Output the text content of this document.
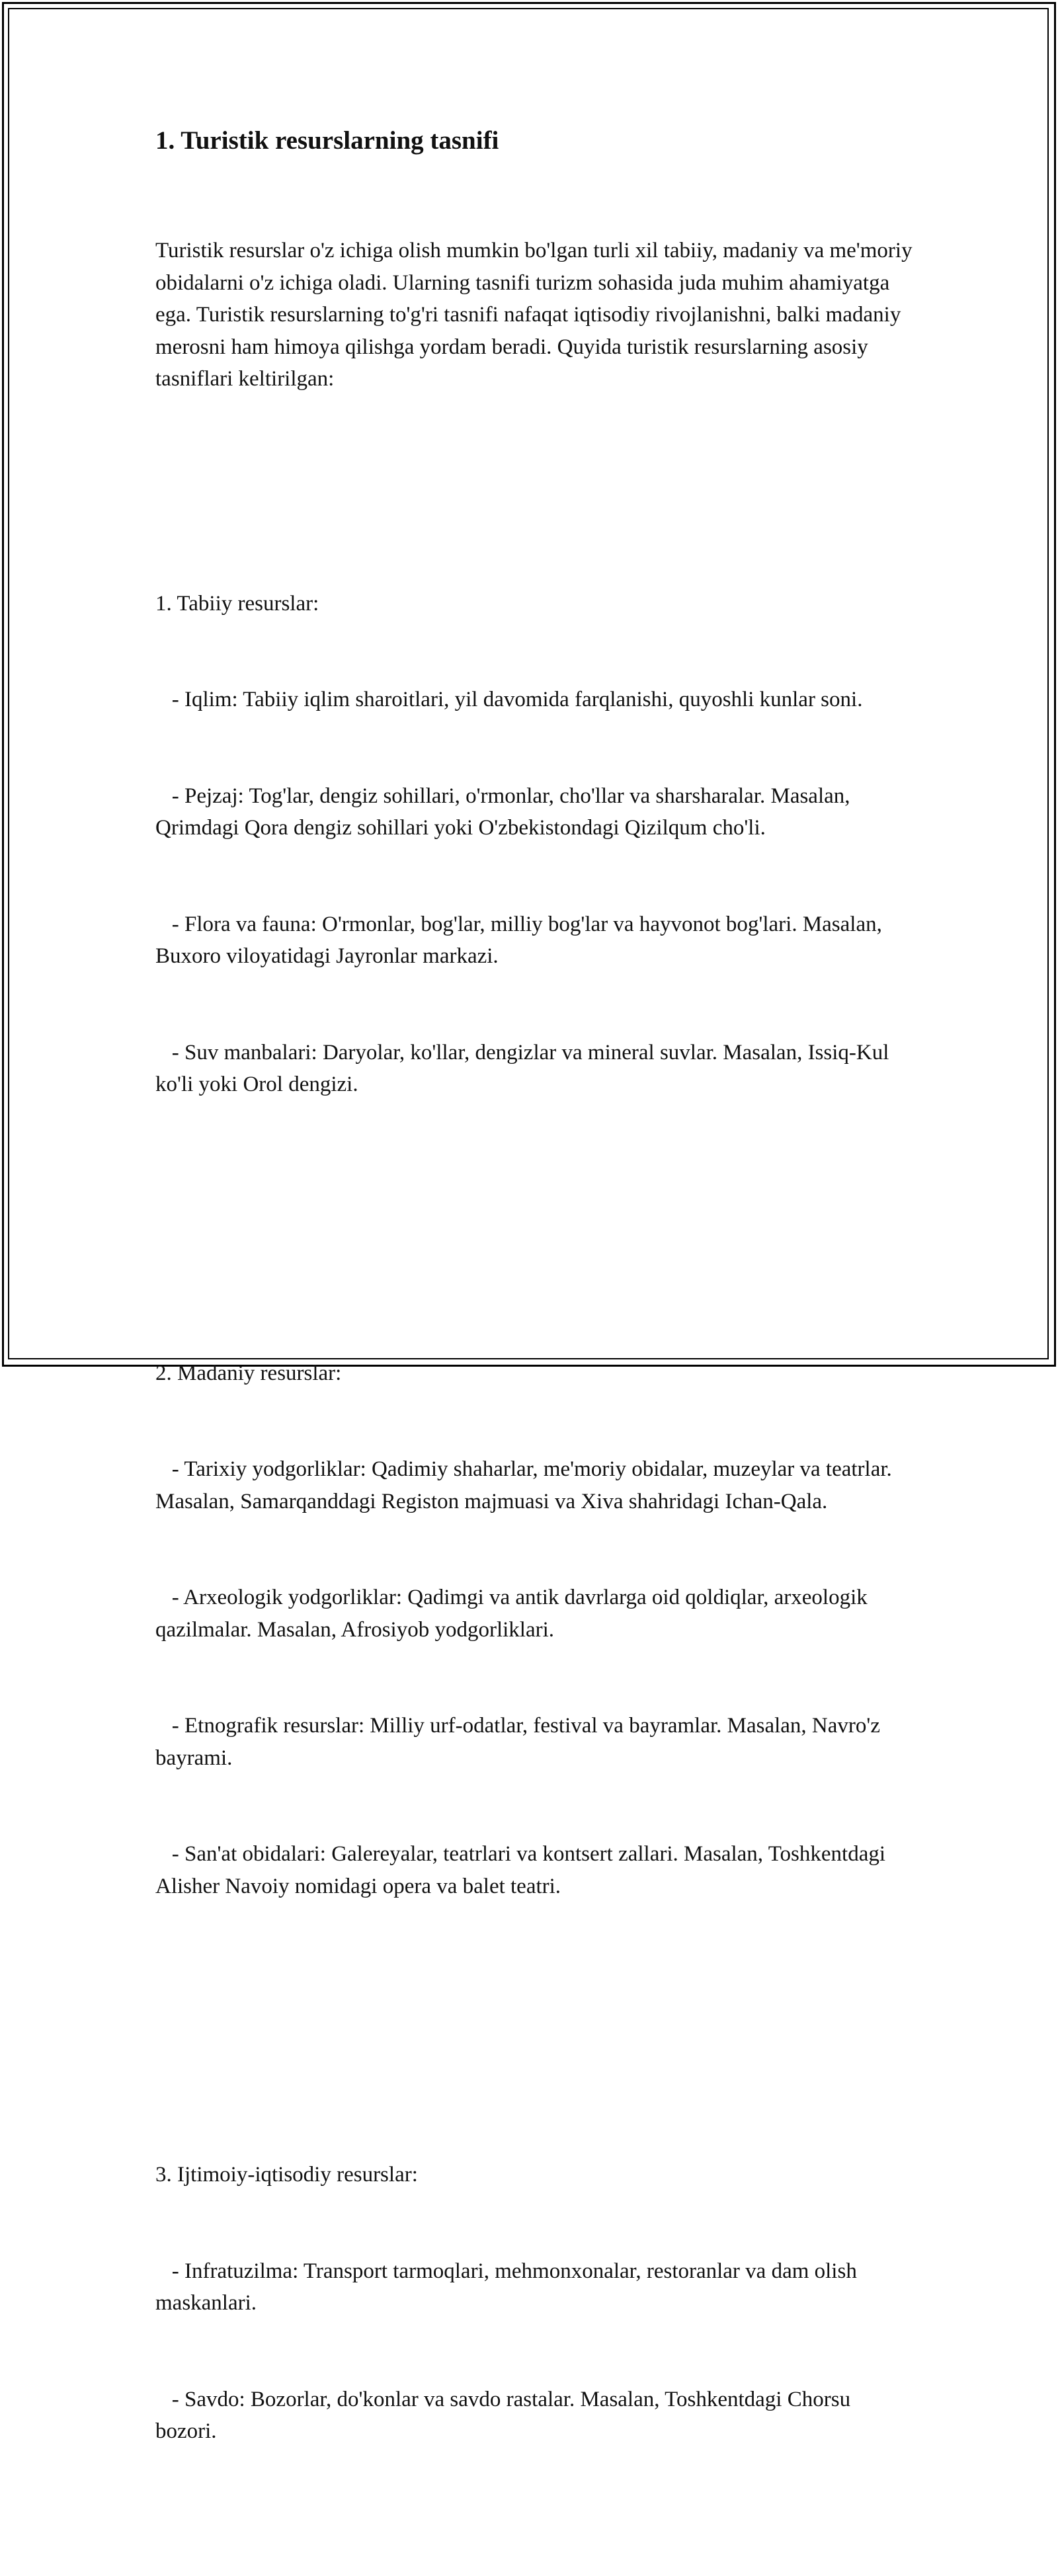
1. Turistik resurslarning tasnifi

Turistik resurslar o'z ichiga olish mumkin bo'lgan turli xil tabiiy, madaniy va me'moriy obidalarni o'z ichiga oladi. Ularning tasnifi turizm sohasida juda muhim ahamiyatga ega. Turistik resurslarning to'g'ri tasnifi nafaqat iqtisodiy rivojlanishni, balki madaniy merosni ham himoya qilishga yordam beradi. Quyida turistik resurslarning asosiy tasniflari keltirilgan:

1. Tabiiy resurslar:

- Iqlim: Tabiiy iqlim sharoitlari, yil davomida farqlanishi, quyoshli kunlar soni.

- Pejzaj: Tog'lar, dengiz sohillari, o'rmonlar, cho'llar va sharsharalar. Masalan, Qrimdagi Qora dengiz sohillari yoki O'zbekistondagi Qizilqum cho'li.

- Flora va fauna: O'rmonlar, bog'lar, milliy bog'lar va hayvonot bog'lari. Masalan, Buxoro viloyatidagi Jayronlar markazi.

- Suv manbalari: Daryolar, ko'llar, dengizlar va mineral suvlar. Masalan, Issiq-Kul ko'li yoki Orol dengizi.

2. Madaniy resurslar:

- Tarixiy yodgorliklar: Qadimiy shaharlar, me'moriy obidalar, muzeylar va teatrlar. Masalan, Samarqanddagi Registon majmuasi va Xiva shahridagi Ichan-Qala.

- Arxeologik yodgorliklar: Qadimgi va antik davrlarga oid qoldiqlar, arxeologik qazilmalar. Masalan, Afrosiyob yodgorliklari.

- Etnografik resurslar: Milliy urf-odatlar, festival va bayramlar. Masalan, Navro'z bayrami.

- San'at obidalari: Galereyalar, teatrlari va kontsert zallari. Masalan, Toshkentdagi Alisher Navoiy nomidagi opera va balet teatri.

3. Ijtimoiy-iqtisodiy resurslar:

- Infratuzilma: Transport tarmoqlari, mehmonxonalar, restoranlar va dam olish maskanlari.

- Savdo: Bozorlar, do'konlar va savdo rastalar. Masalan, Toshkentdagi Chorsu bozori.
